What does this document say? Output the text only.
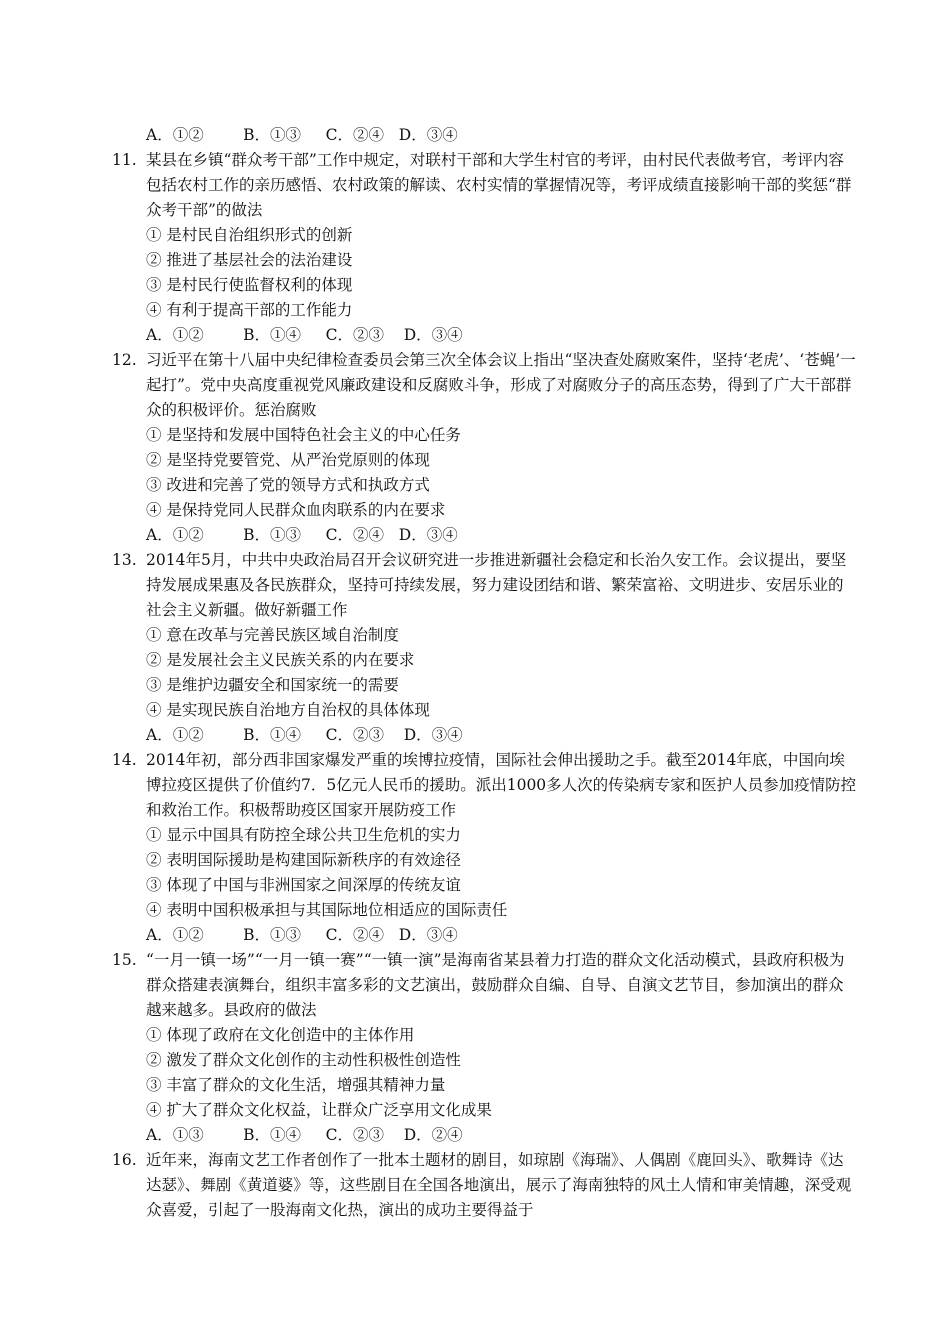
A．①②        B．①③     C．②④   D．③④
11. 某县在乡镇“群众考干部”工作中规定，对联村干部和大学生村官的考评，由村民代表做考官，考评内容包括农村工作的亲历感悟、农村政策的解读、农村实情的掌握情况等，考评成绩直接影响干部的奖惩“群众考干部”的做法
① 是村民自治组织形式的创新
② 推进了基层社会的法治建设
③ 是村民行使监督权利的体现
④ 有利于提高干部的工作能力
A．①②        B．①④     C．②③    D．③④
12. 习近平在第十八届中央纪律检查委员会第三次全体会议上指出“坚决查处腐败案件，坚持‘老虎’、‘苍蝇’一起打”。党中央高度重视党风廉政建设和反腐败斗争，形成了对腐败分子的高压态势，得到了广大干部群众的积极评价。惩治腐败
① 是坚持和发展中国特色社会主义的中心任务
② 是坚持党要管党、从严治党原则的体现
③ 改进和完善了党的领导方式和执政方式
④ 是保持党同人民群众血肉联系的内在要求
A．①②        B．①③     C．②④   D．③④
13. 2014年5月，中共中央政治局召开会议研究进一步推进新疆社会稳定和长治久安工作。会议提出，要坚持发展成果惠及各民族群众，坚持可持续发展，努力建设团结和谐、繁荣富裕、文明进步、安居乐业的社会主义新疆。做好新疆工作
① 意在改革与完善民族区域自治制度
② 是发展社会主义民族关系的内在要求
③ 是维护边疆安全和国家统一的需要
④ 是实现民族自治地方自治权的具体体现
A．①②        B．①④     C．②③    D．③④
14. 2014年初，部分西非国家爆发严重的埃博拉疫情，国际社会伸出援助之手。截至2014年底，中国向埃博拉疫区提供了价值约7．5亿元人民币的援助。派出1000多人次的传染病专家和医护人员参加疫情防控和救治工作。积极帮助疫区国家开展防疫工作
① 显示中国具有防控全球公共卫生危机的实力
② 表明国际援助是构建国际新秩序的有效途径
③ 体现了中国与非洲国家之间深厚的传统友谊
④ 表明中国积极承担与其国际地位相适应的国际责任
A．①②        B．①③     C．②④   D．③④
15. “一月一镇一场”“一月一镇一赛”“一镇一演”是海南省某县着力打造的群众文化活动模式，县政府积极为群众搭建表演舞台，组织丰富多彩的文艺演出，鼓励群众自编、自导、自演文艺节目，参加演出的群众越来越多。县政府的做法
① 体现了政府在文化创造中的主体作用
② 激发了群众文化创作的主动性积极性创造性
③ 丰富了群众的文化生活，增强其精神力量
④ 扩大了群众文化权益，让群众广泛享用文化成果
A．①③        B．①④     C．②③    D．②④
16. 近年来，海南文艺工作者创作了一批本土题材的剧目，如琼剧《海瑞》、人偶剧《鹿回头》、歌舞诗《达达瑟》、舞剧《黄道婆》等，这些剧目在全国各地演出，展示了海南独特的风土人情和审美情趣，深受观众喜爱，引起了一股海南文化热，演出的成功主要得益于
